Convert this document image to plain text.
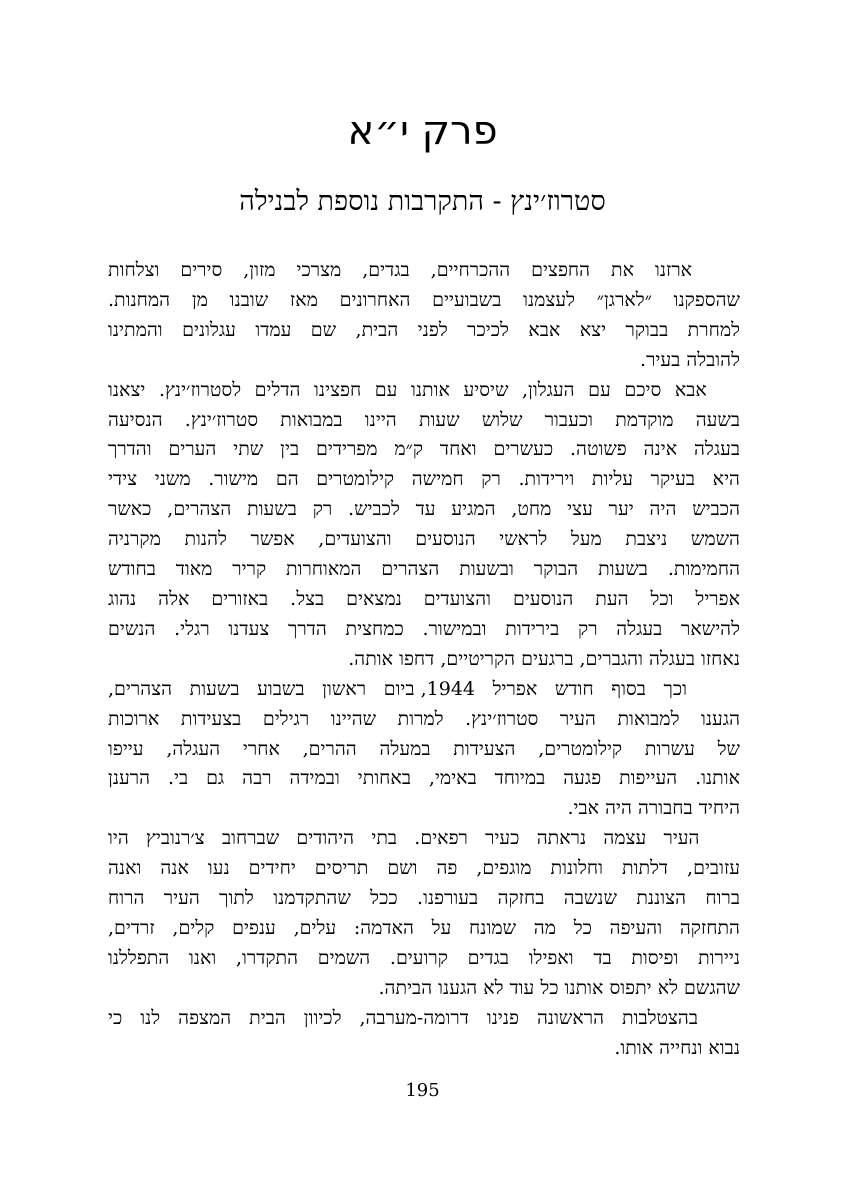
פרק י״א
סטרוז׳ינץ - התקרבות נוספת לבנילה
ארזנו את החפצים ההכרחיים, בגדים, מצרכי מזון, סירים וצלחות
שהספקנו ״לארגן״ לעצמנו בשבועיים האחרונים מאז שובנו מן המחנות.
למחרת בבוקר יצא אבא לכיכר לפני הבית, שם עמדו עגלונים והמתינו
להובלה בעיר.
אבא סיכם עם העגלון, שיסיע אותנו עם חפצינו הדלים לסטרוז׳ינץ. יצאנו
בשעה מוקדמת וכעבור שלוש שעות היינו במבואות סטרוז׳ינץ. הנסיעה
בעגלה אינה פשוטה. כעשרים ואחד ק״מ מפרידים בין שתי הערים והדרך
היא בעיקר עליות וירידות. רק חמישה קילומטרים הם מישור. משני צידי
הכביש היה יער עצי מחט, המגיע עד לכביש. רק בשעות הצהרים, כאשר
השמש ניצבת מעל לראשי הנוסעים והצועדים, אפשר להנות מקרניה
החמימות. בשעות הבוקר ובשעות הצהרים המאוחרות קריר מאוד בחודש
אפריל וכל העת הנוסעים והצועדים נמצאים בצל. באזורים אלה נהוג
להישאר בעגלה רק בירידות ובמישור. כמחצית הדרך צעדנו רגלי. הנשים
נאחזו בעגלה והגברים, ברגעים הקריטיים, דחפו אותה.
וכך בסוף חודש אפריל 1944, ביום ראשון בשבוע בשעות הצהרים,
הגענו למבואות העיר סטרוז׳ינץ. למרות שהיינו רגילים בצעידות ארוכות
של עשרות קילומטרים, הצעידות במעלה ההרים, אחרי העגלה, עייפו
אותנו. העייפות פגעה במיוחד באימי, באחותי ובמידה רבה גם בי. הרענן
היחיד בחבורה היה אבי.
העיר עצמה נראתה כעיר רפאים. בתי היהודים שברחוב צ׳רנוביץ היו
עזובים, דלתות וחלונות מוגפים, פה ושם תריסים יחידים נעו אנה ואנה
ברוח הצוננת שנשבה בחזקה בעורפנו. ככל שהתקדמנו לתוך העיר הרוח
התחזקה והעיפה כל מה שמונח על האדמה: עלים, ענפים קלים, זרדים,
ניירות ופיסות בד ואפילו בגדים קרועים. השמים התקדרו, ואנו התפללנו
שהגשם לא יתפוס אותנו כל עוד לא הגענו הביתה.
בהצטלבות הראשונה פנינו דרומה-מערבה, לכיוון הבית המצפה לנו כי
נבוא ונחייה אותו.
195
